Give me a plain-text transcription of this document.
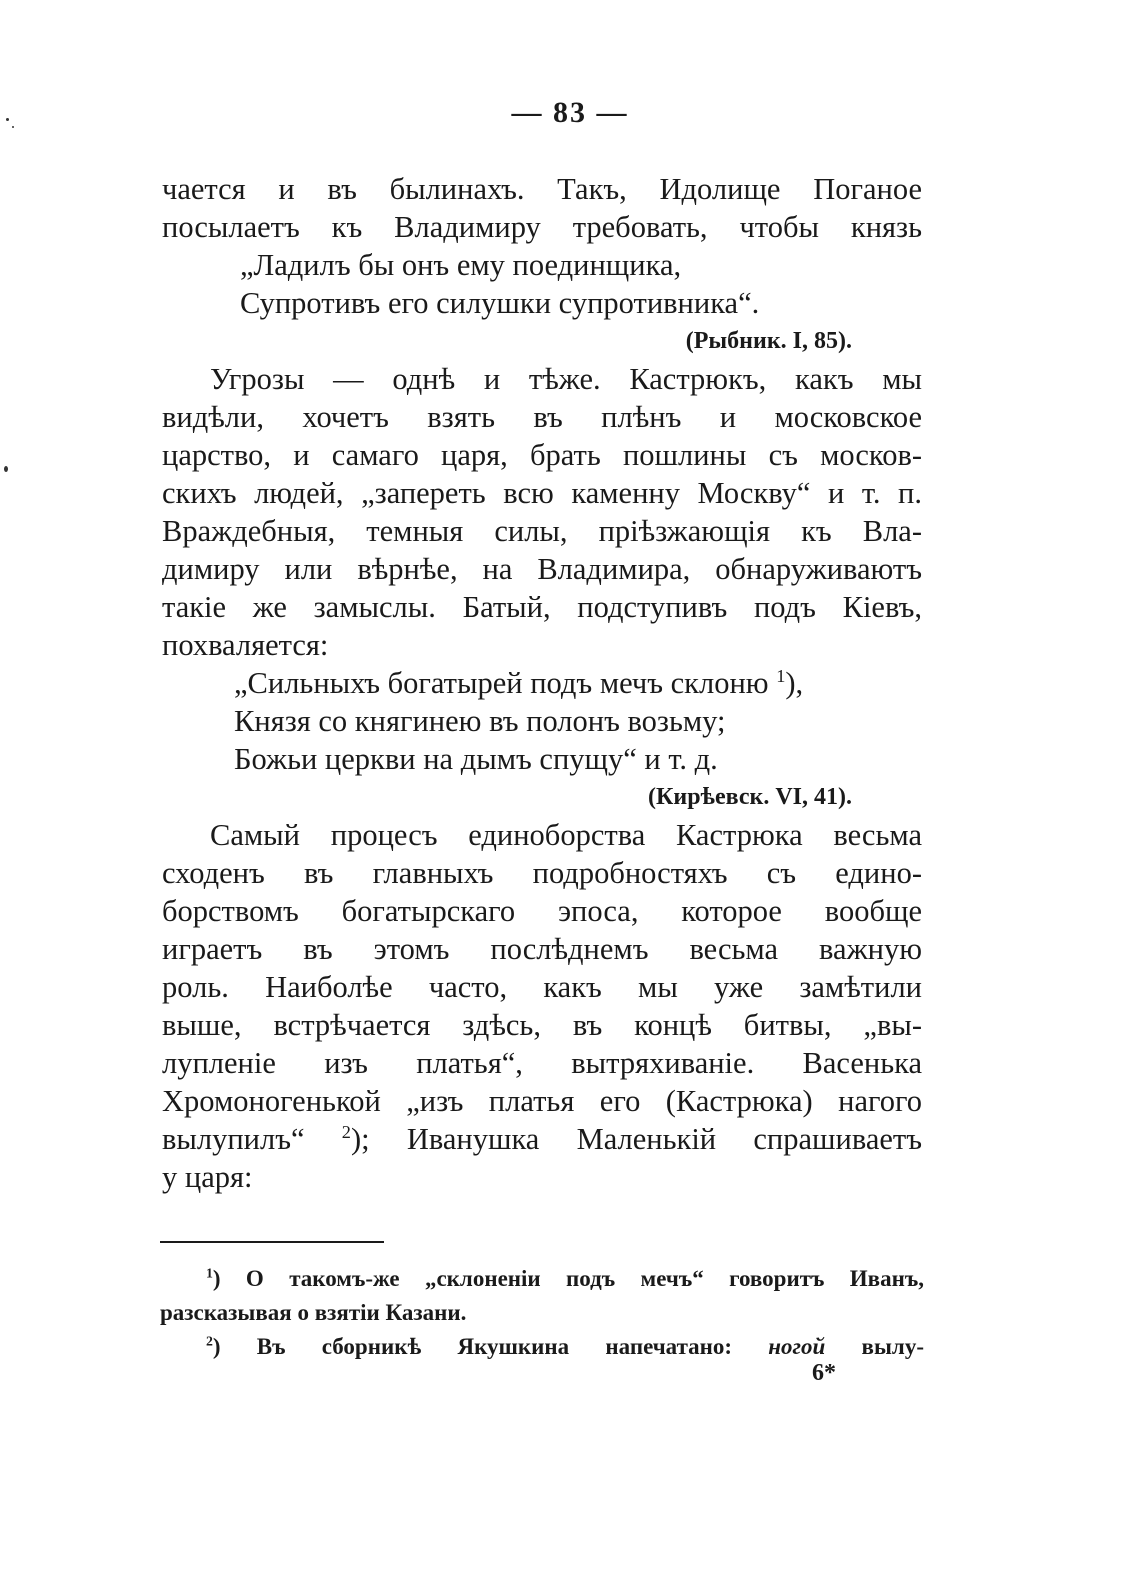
— 83 —
чается и въ былинахъ. Такъ, Идолище Поганое
посылаетъ къ Владимиру требовать, чтобы князь
„Ладилъ бы онъ ему поединщика,
Супротивъ его силушки супротивника“.
(Рыбник. I, 85).
Угрозы — однѣ и тѣже. Кастрюкъ, какъ мы
видѣли, хочетъ взять въ плѣнъ и московское
царство, и самаго царя, брать пошлины съ москов-
скихъ людей, „запереть всю каменну Москву“ и т. п.
Враждебныя, темныя силы, пріѣзжающія къ Вла-
димиру или вѣрнѣе, на Владимира, обнаруживаютъ
такіе же замыслы. Батый, подступивъ подъ Кіевъ,
похваляется:
„Сильныхъ богатырей подъ мечъ склоню $^1$),
Князя со княгинею въ полонъ возьму;
Божьи церкви на дымъ спущу“ и т. д.
(Кирѣевск. VI, 41).
Самый процесъ единоборства Кастрюка весьма
сходенъ въ главныхъ подробностяхъ съ едино-
борствомъ богатырскаго эпоса, которое вообще
играетъ въ этомъ послѣднемъ весьма важную
роль. Наиболѣе часто, какъ мы уже замѣтили
выше, встрѣчается здѣсь, въ концѣ битвы, „вы-
лупленіе изъ платья“, вытряхиваніе. Васенька
Хромоногенькой „изъ платья его (Кастрюка) нагого
вылупилъ“ $^2$); Иванушка Маленькій спрашиваетъ
у царя:
$^1$) О такомъ-же „склоненіи подъ мечъ“ говоритъ Иванъ,
разсказывая о взятіи Казани.
$^2$) Въ сборникѣ Якушкина напечатано: ногой вылу-
6*
